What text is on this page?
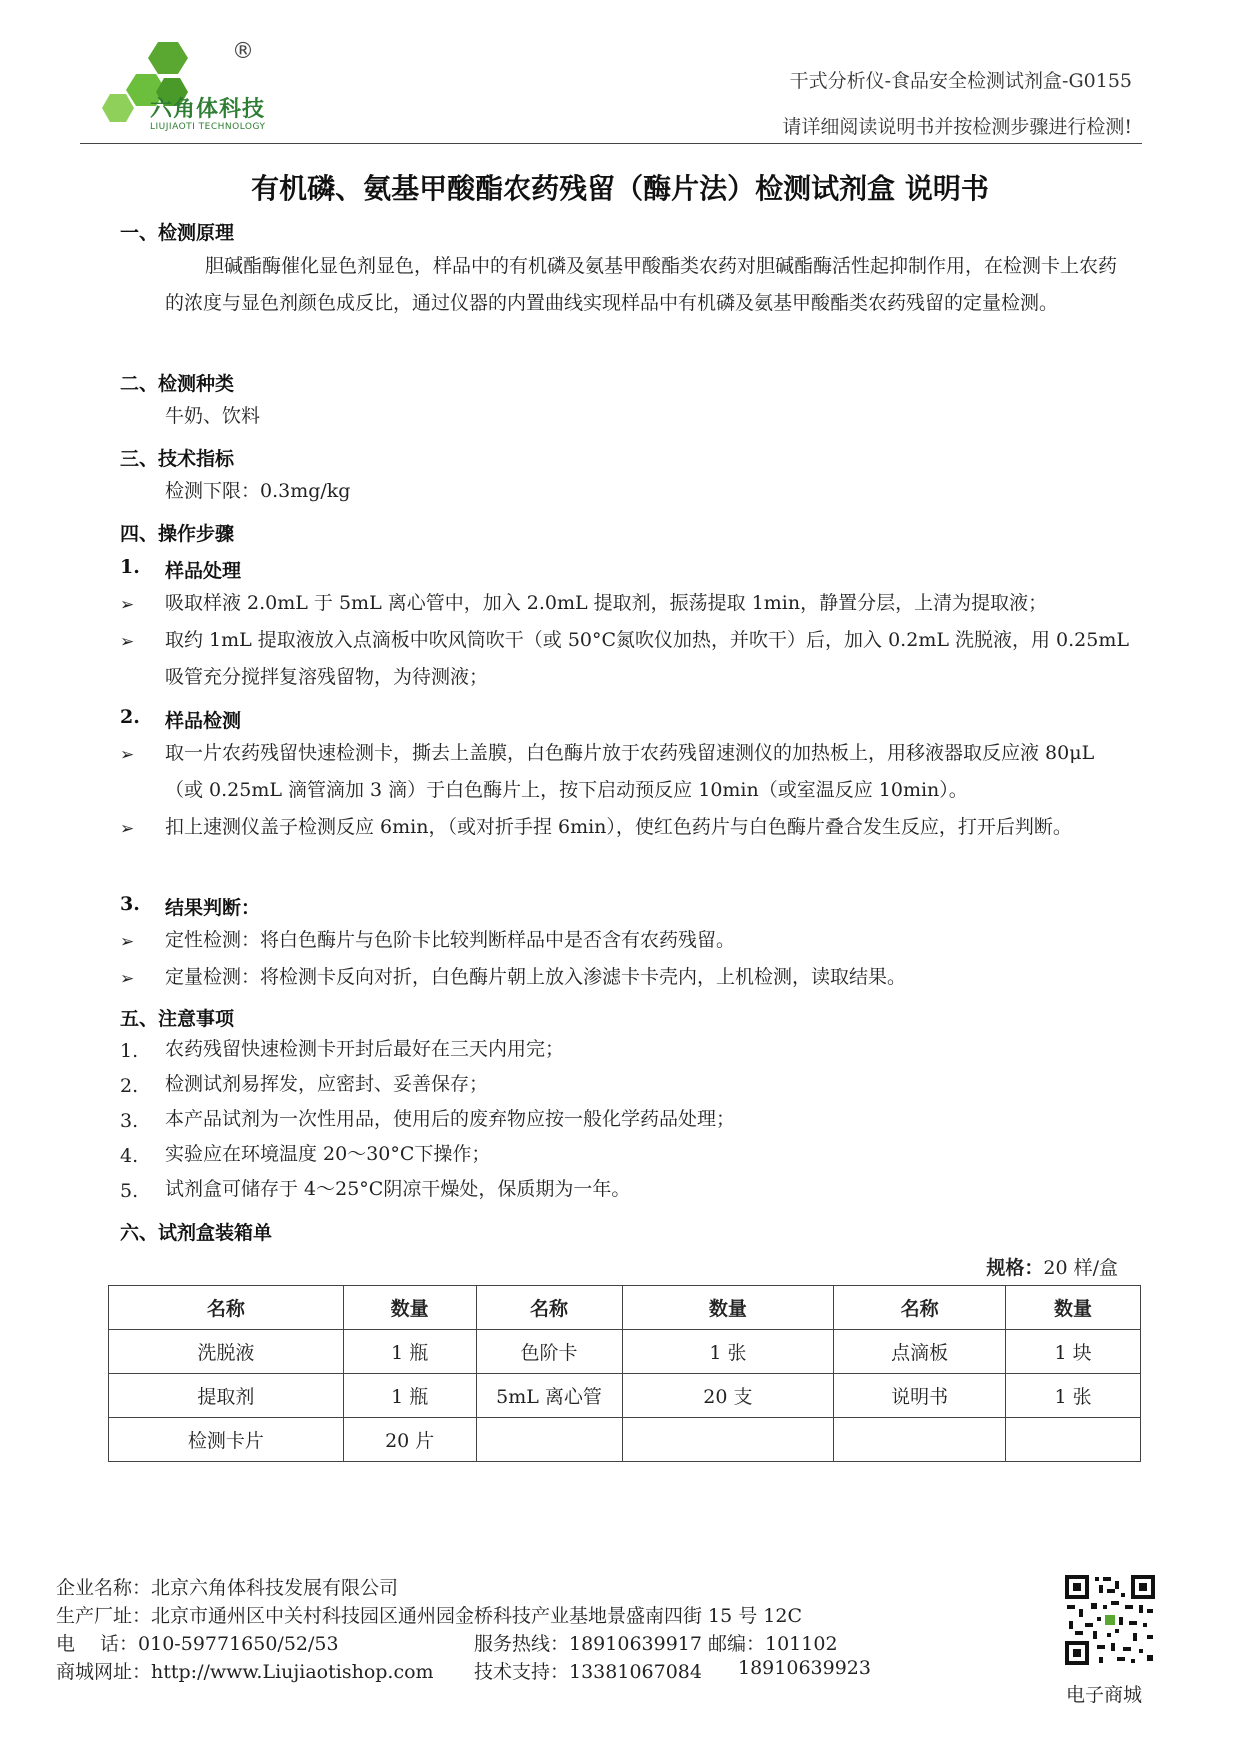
®
六角体科技
LIUJIAOTI TECHNOLOGY
干式分析仪-食品安全检测试剂盒-G0155
请详细阅读说明书并按检测步骤进行检测!
有机磷、氨基甲酸酯农药残留（酶片法）检测试剂盒 说明书
一、检测原理
胆碱酯酶催化显色剂显色，样品中的有机磷及氨基甲酸酯类农药对胆碱酯酶活性起抑制作用，在检测卡上农药的浓度与显色剂颜色成反比，通过仪器的内置曲线实现样品中有机磷及氨基甲酸酯类农药残留的定量检测。
二、检测种类
牛奶、饮料
三、技术指标
检测下限：0.3mg/kg
四、操作步骤
1. 样品处理
➢ 吸取样液 2.0mL 于 5mL 离心管中，加入 2.0mL 提取剂，振荡提取 1min，静置分层，上清为提取液；
➢ 取约 1mL 提取液放入点滴板中吹风筒吹干（或 50°C氮吹仪加热，并吹干）后，加入 0.2mL 洗脱液，用 0.25mL 吸管充分搅拌复溶残留物，为待测液；
2. 样品检测
➢ 取一片农药残留快速检测卡，撕去上盖膜，白色酶片放于农药残留速测仪的加热板上，用移液器取反应液 80μL（或 0.25mL 滴管滴加 3 滴）于白色酶片上，按下启动预反应 10min（或室温反应 10min）。
➢ 扣上速测仪盖子检测反应 6min，（或对折手捏 6min），使红色药片与白色酶片叠合发生反应，打开后判断。
3. 结果判断：
➢ 定性检测：将白色酶片与色阶卡比较判断样品中是否含有农药残留。
➢ 定量检测：将检测卡反向对折，白色酶片朝上放入渗滤卡卡壳内，上机检测，读取结果。
五、注意事项
1. 农药残留快速检测卡开封后最好在三天内用完；
2. 检测试剂易挥发，应密封、妥善保存；
3. 本产品试剂为一次性用品，使用后的废弃物应按一般化学药品处理；
4. 实验应在环境温度 20～30°C下操作；
5. 试剂盒可储存于 4～25°C阴凉干燥处，保质期为一年。
六、试剂盒装箱单
规格：20 样/盒
名称	数量	名称	数量	名称	数量
洗脱液	1 瓶	色阶卡	1 张	点滴板	1 块
提取剂	1 瓶	5mL 离心管	20 支	说明书	1 张
检测卡片	20 片				
企业名称：北京六角体科技发展有限公司
生产厂址：北京市通州区中关村科技园区通州园金桥科技产业基地景盛南四街 15 号 12C
电　 话：010-59771650/52/53	服务热线：18910639917 邮编：101102
商城网址：http://www.Liujiaotishop.com 技术支持：13381067084 18910639923
电子商城
